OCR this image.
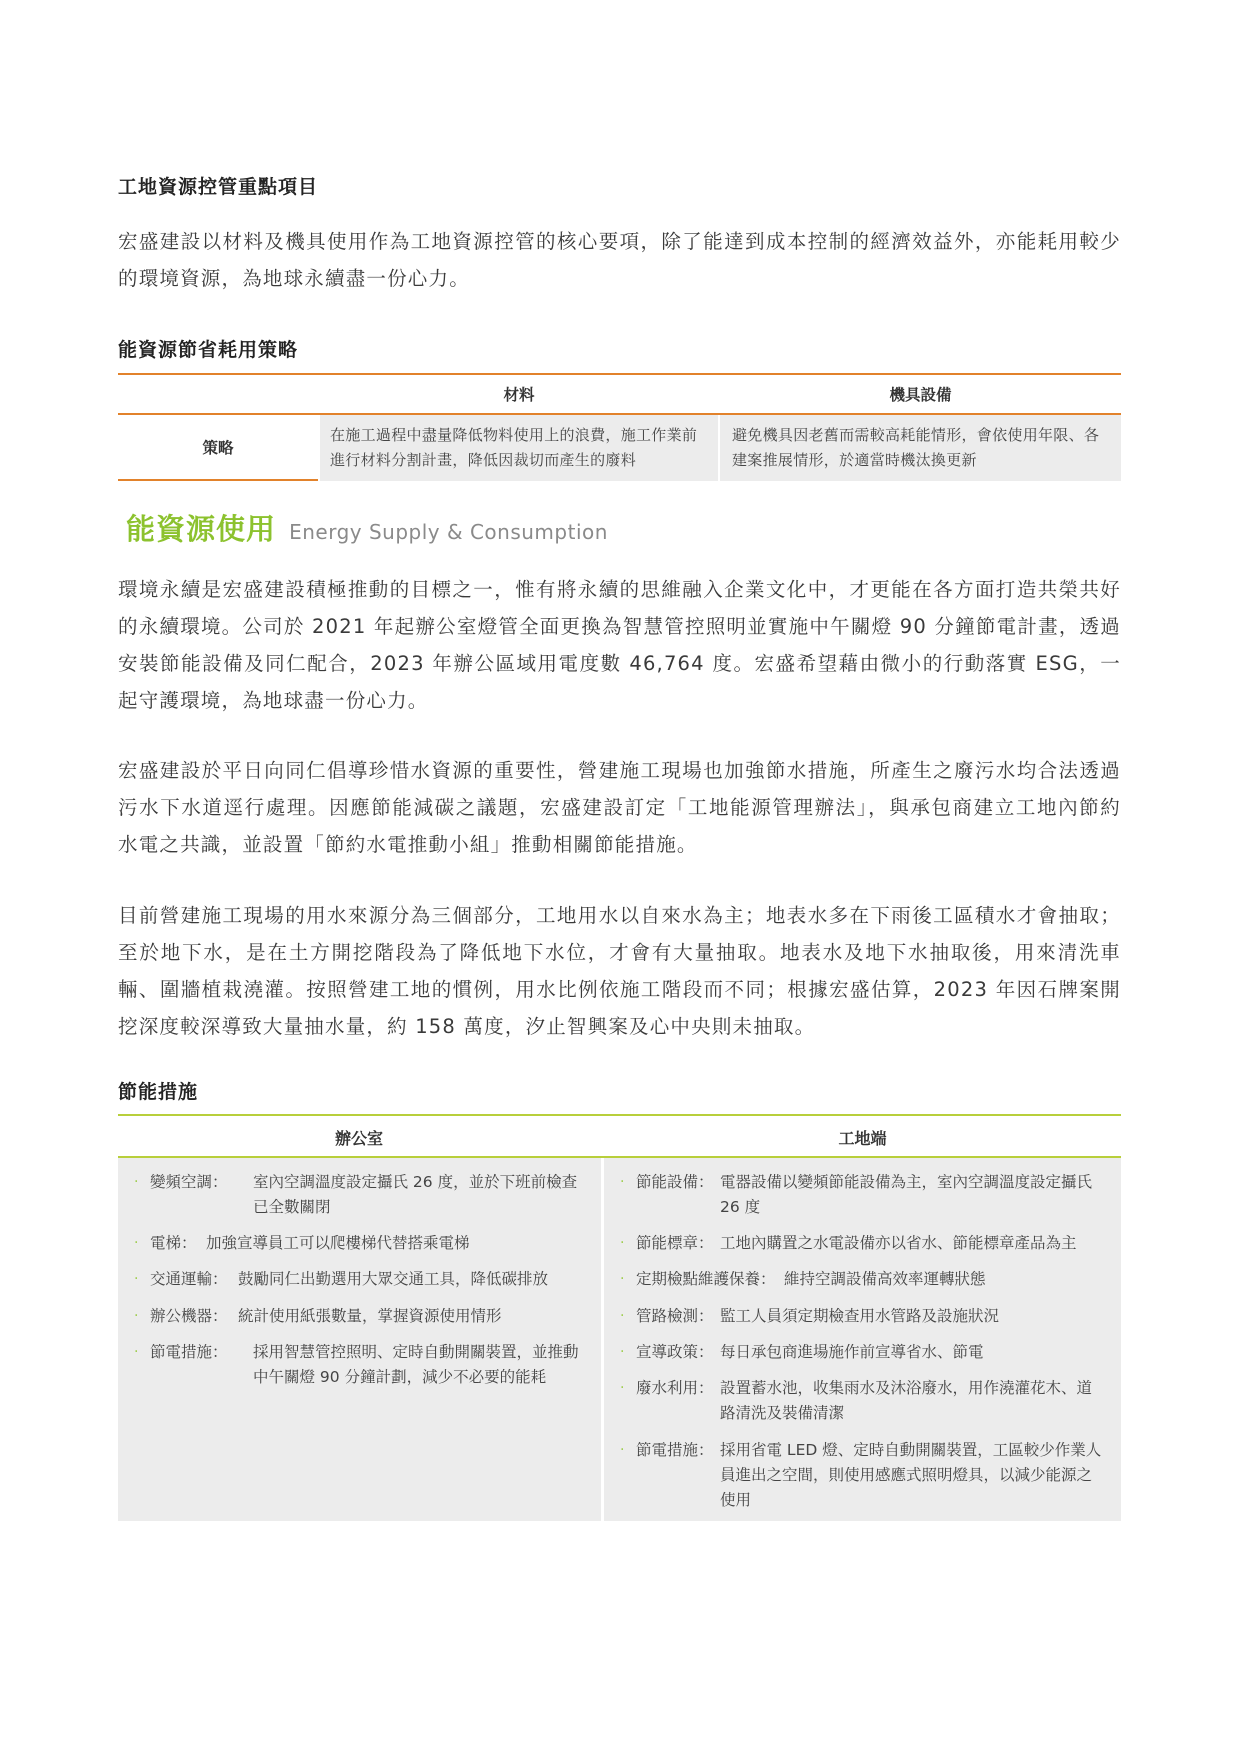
工地資源控管重點項目
宏盛建設以材料及機具使用作為工地資源控管的核心要項，除了能達到成本控制的經濟效益外，亦能耗用較少的環境資源，為地球永續盡一份心力。
能資源節省耗用策略
材料	機具設備
策略
在施工過程中盡量降低物料使用上的浪費，施工作業前進行材料分割計畫，降低因裁切而產生的廢料
避免機具因老舊而需較高耗能情形，會依使用年限、各建案推展情形，於適當時機汰換更新
能資源使用 Energy Supply & Consumption
環境永續是宏盛建設積極推動的目標之一，惟有將永續的思維融入企業文化中，才更能在各方面打造共榮共好的永續環境。公司於 2021 年起辦公室燈管全面更換為智慧管控照明並實施中午關燈 90 分鐘節電計畫，透過安裝節能設備及同仁配合，2023 年辦公區域用電度數 46,764 度。宏盛希望藉由微小的行動落實 ESG，一起守護環境，為地球盡一份心力。
宏盛建設於平日向同仁倡導珍惜水資源的重要性，營建施工現場也加強節水措施，所產生之廢污水均合法透過污水下水道逕行處理。因應節能減碳之議題，宏盛建設訂定「工地能源管理辦法」，與承包商建立工地內節約水電之共識，並設置「節約水電推動小組」推動相關節能措施。
目前營建施工現場的用水來源分為三個部分，工地用水以自來水為主；地表水多在下雨後工區積水才會抽取；至於地下水，是在土方開挖階段為了降低地下水位，才會有大量抽取。地表水及地下水抽取後，用來清洗車輛、圍牆植栽澆灌。按照營建工地的慣例，用水比例依施工階段而不同；根據宏盛估算，2023 年因石牌案開挖深度較深導致大量抽水量，約 158 萬度，汐止智興案及心中央則未抽取。
節能措施
辦公室	工地端
· 變頻空調： 室內空調溫度設定攝氏 26 度，並於下班前檢查已全數關閉
· 電梯： 加強宣導員工可以爬樓梯代替搭乘電梯
· 交通運輸： 鼓勵同仁出勤選用大眾交通工具，降低碳排放
· 辦公機器： 統計使用紙張數量，掌握資源使用情形
· 節電措施： 採用智慧管控照明、定時自動開關裝置，並推動中午關燈 90 分鐘計劃，減少不必要的能耗
· 節能設備： 電器設備以變頻節能設備為主，室內空調溫度設定攝氏 26 度
· 節能標章： 工地內購置之水電設備亦以省水、節能標章產品為主
· 定期檢點維護保養： 維持空調設備高效率運轉狀態
· 管路檢測： 監工人員須定期檢查用水管路及設施狀況
· 宣導政策： 每日承包商進場施作前宣導省水、節電
· 廢水利用： 設置蓄水池，收集雨水及沐浴廢水，用作澆灌花木、道路清洗及裝備清潔
· 節電措施： 採用省電 LED 燈、定時自動開關裝置，工區較少作業人員進出之空間，則使用感應式照明燈具，以減少能源之使用
